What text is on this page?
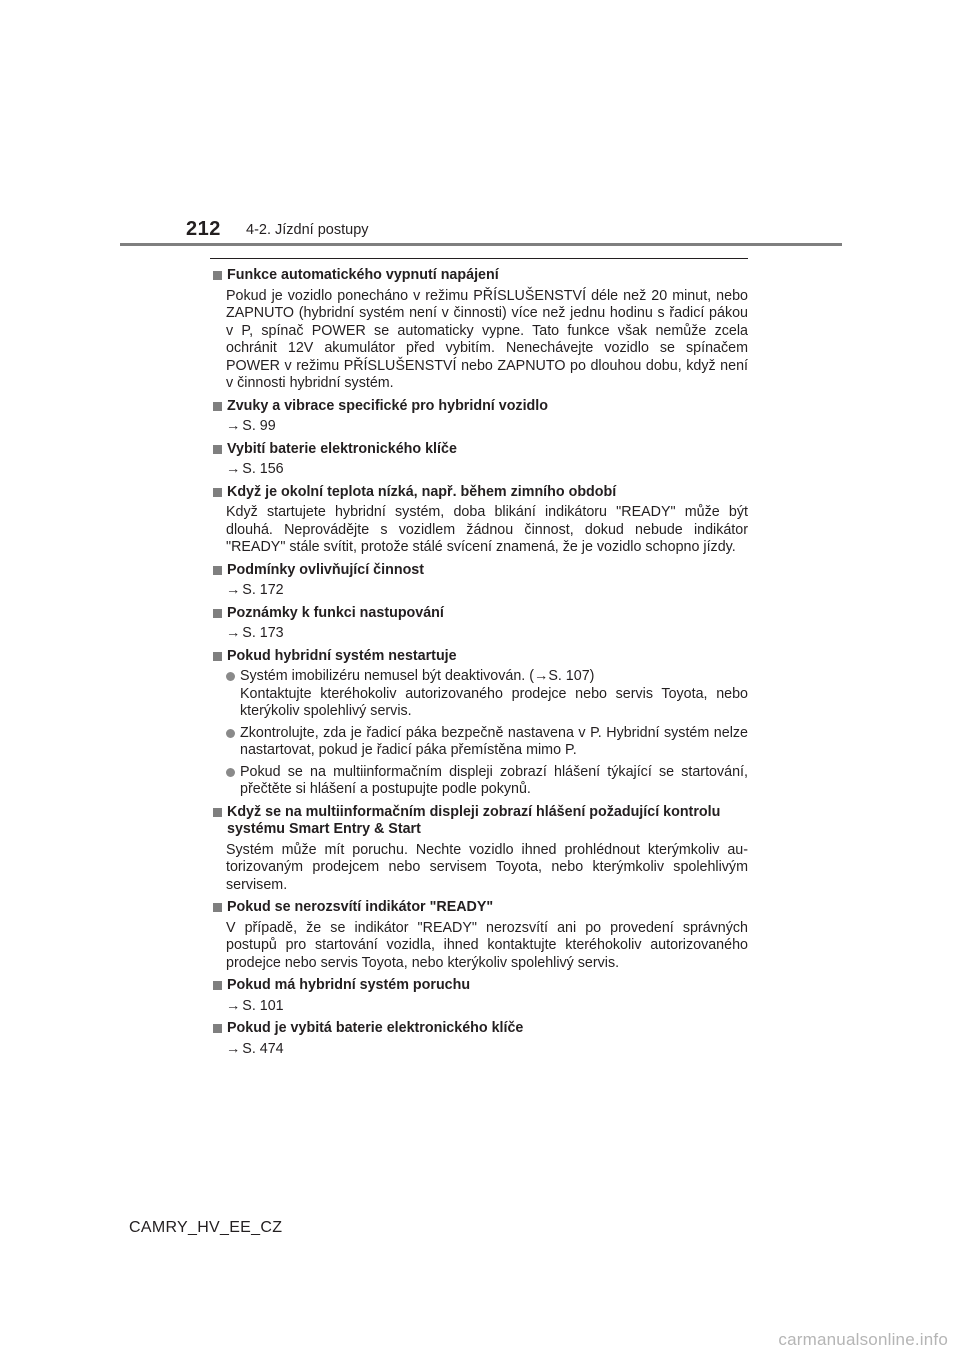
212 4-2. Jízdní postupy
Funkce automatického vypnutí napájení
Pokud je vozidlo ponecháno v režimu PŘÍSLUŠENSTVÍ déle než 20 minut, nebo ZAPNUTO (hybridní systém není v činnosti) více než jednu hodinu s řadicí pákou v P, spínač POWER se automaticky vypne. Tato funkce však nemůže zcela ochránit 12V akumulátor před vybitím. Nenechávejte vozidlo se spínačem POWER v režimu PŘÍSLUŠENSTVÍ nebo ZAPNUTO po dlouhou dobu, když není v činnosti hybridní systém.
Zvuky a vibrace specifické pro hybridní vozidlo
→ S. 99
Vybití baterie elektronického klíče
→ S. 156
Když je okolní teplota nízká, např. během zimního období
Když startujete hybridní systém, doba blikání indikátoru "READY" může být dlouhá. Neprovádějte s vozidlem žádnou činnost, dokud nebude indikátor "READY" stále svítit, protože stálé svícení znamená, že je vozidlo schopno jízdy.
Podmínky ovlivňující činnost
→ S. 172
Poznámky k funkci nastupování
→ S. 173
Pokud hybridní systém nestartuje
Systém imobilizéru nemusel být deaktivován. (→S. 107)
Kontaktujte kteréhokoliv autorizovaného prodejce nebo servis Toyota, nebo kterýkoliv spolehlivý servis.
Zkontrolujte, zda je řadicí páka bezpečně nastavena v P. Hybridní systém nelze nastartovat, pokud je řadicí páka přemístěna mimo P.
Pokud se na multiinformačním displeji zobrazí hlášení týkající se startování, přečtěte si hlášení a postupujte podle pokynů.
Když se na multiinformačním displeji zobrazí hlášení požadující kontrolu systému Smart Entry & Start
Systém může mít poruchu. Nechte vozidlo ihned prohlédnout kterýmkoliv autorizovaným prodejcem nebo servisem Toyota, nebo kterýmkoliv spolehlivým servisem.
Pokud se nerozsvítí indikátor "READY"
V případě, že se indikátor "READY" nerozsvítí ani po provedení správných postupů pro startování vozidla, ihned kontaktujte kteréhokoliv autorizovaného prodejce nebo servis Toyota, nebo kterýkoliv spolehlivý servis.
Pokud má hybridní systém poruchu
→ S. 101
Pokud je vybitá baterie elektronického klíče
→ S. 474
CAMRY_HV_EE_CZ
carmanualsonline.info
